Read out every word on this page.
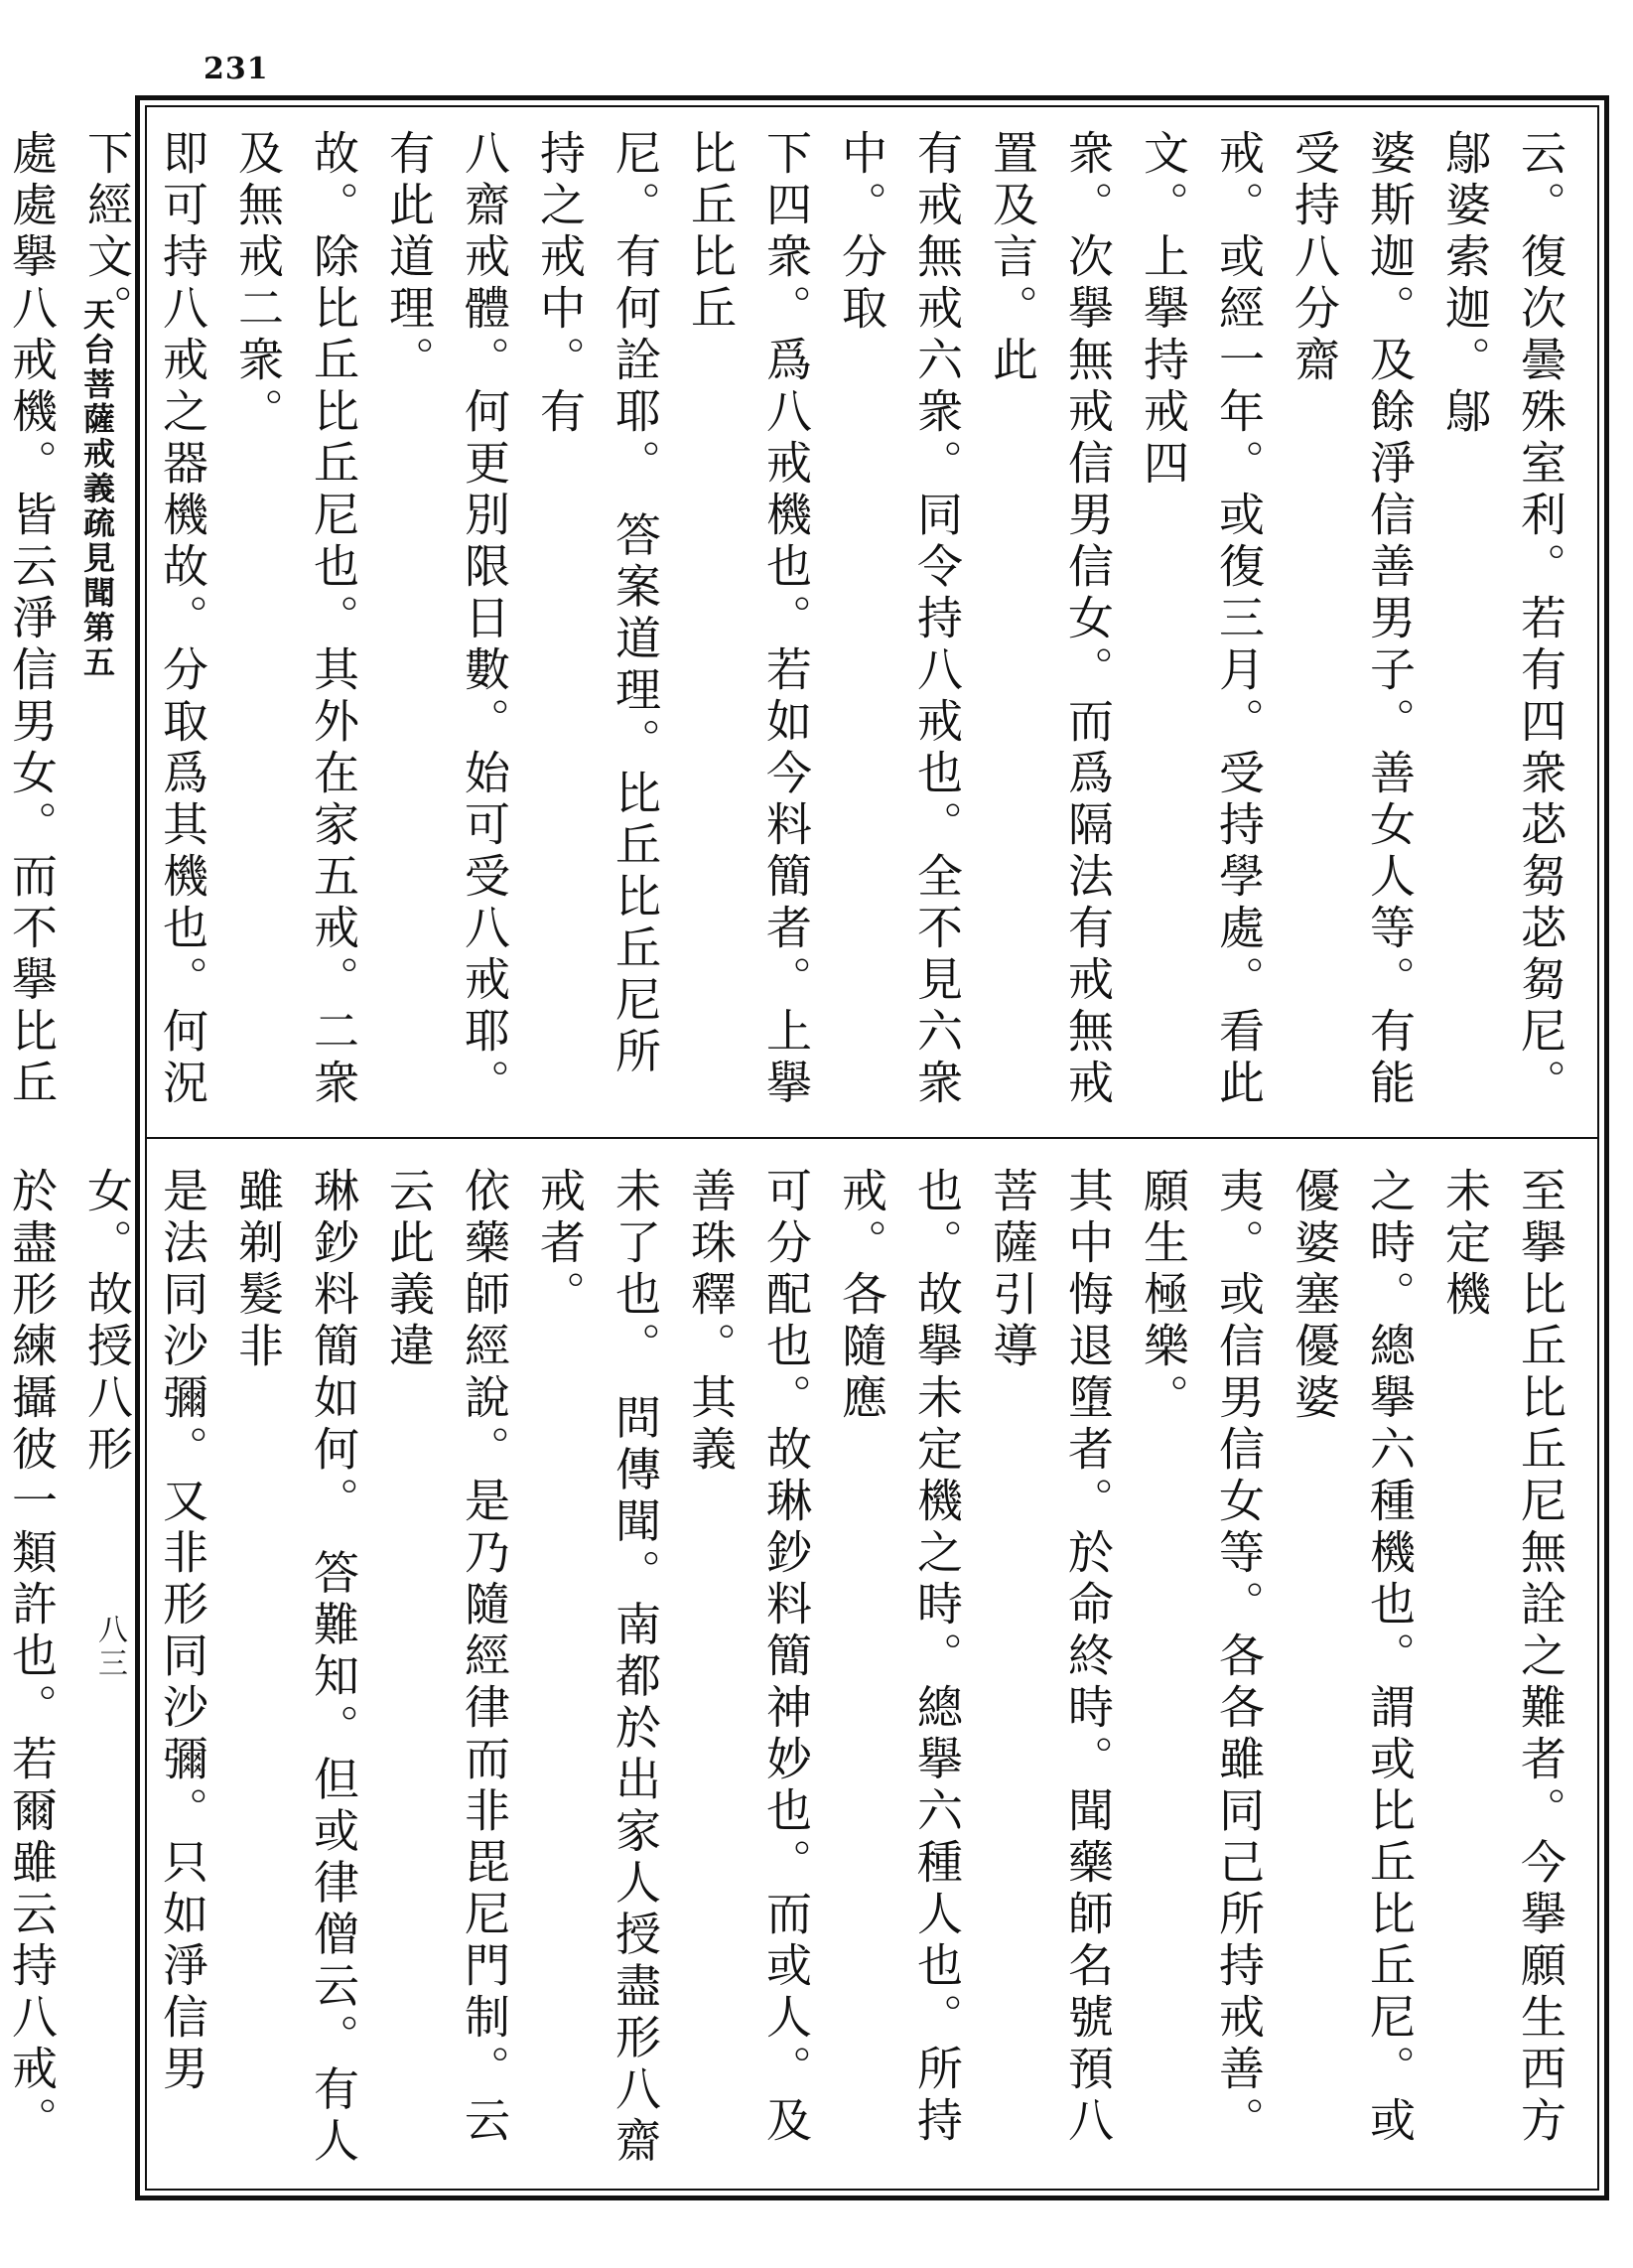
231
天台菩薩戒義疏見聞第五
八三
云。復次曇殊室利。若有四衆苾芻苾芻尼。鄔婆索迦。鄔
婆斯迦。及餘淨信善男子。善女人等。有能受持八分齋
戒。或經一年。或復三月。受持學處。看此文。上擧持戒四
衆。次擧無戒信男信女。而爲隔法有戒無戒置及言。此
有戒無戒六衆。同令持八戒也。全不見六衆中。分取
下四衆。爲八戒機也。若如今料簡者。上擧比丘比丘
尼。有何詮耶。 答案道理。比丘比丘尼所持之戒中。有
八齋戒體。何更別限日數。始可受八戒耶。有此道理。
故。除比丘比丘尼也。其外在家五戒。二衆及無戒二衆。
即可持八戒之器機故。分取爲其機也。何況下經文。
處處擧八戒機。皆云淨信男女。而不擧比丘
至擧比丘比丘尼無詮之難者。今擧願生西方未定機
之時。總擧六種機也。謂或比丘比丘尼。或優婆塞優婆
夷。或信男信女等。各各雖同己所持戒善。願生極樂。
其中悔退墮者。於命終時。聞藥師名號預八菩薩引導
也。故擧未定機之時。總擧六種人也。所持戒。各隨應
可分配也。故琳鈔料簡神妙也。而或人。及善珠釋。其義
未了也。 問傳聞。南都於出家人授盡形八齋戒者。
依藥師經說。是乃隨經律而非毘尼門制。云云此義違
琳鈔料簡如何。 答難知。但或律僧云。有人雖剃髮非
是法同沙彌。又非形同沙彌。只如淨信男女。故授八形
於盡形練攝彼一類許也。若爾雖云持八戒。
